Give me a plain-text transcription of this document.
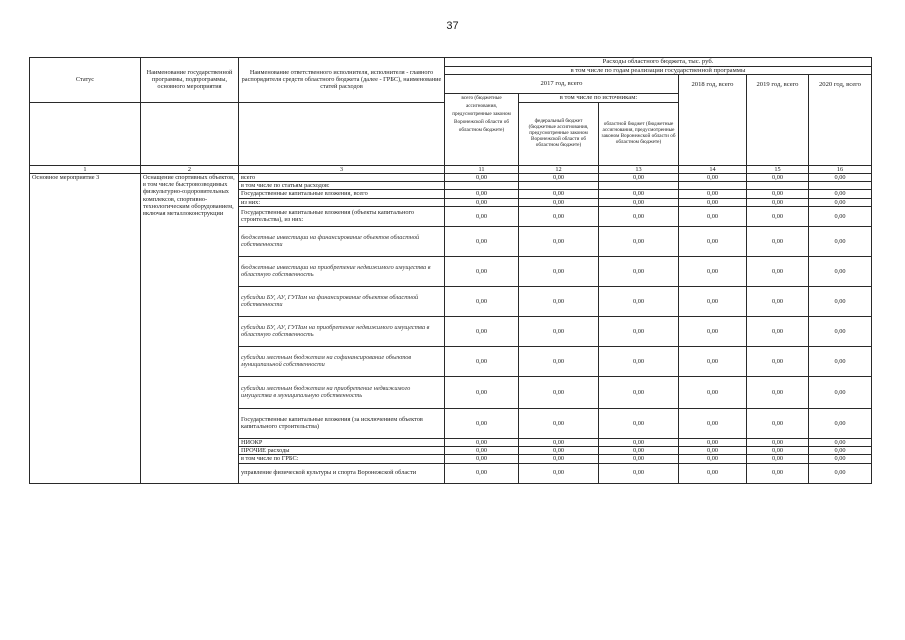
37
Статус	Наименование государственной программы, подпрограммы, основного мероприятия	Наименование ответственного исполнителя, исполнителя - главного распорядителя средств областного бюджета (далее - ГРБС), наименование статей расходов	Расходы областного бюджета, тыс. руб.					
			в том числе по годам реализации государственной программы					
			2017 год, всего			2018 год, всего	2019 год, всего	2020 год, всего
			всего (бюджетные ассигнования, предусмотренные законом Воронежской области об областном бюджете)	в том числе по источникам:				
				федеральный бюджет (бюджетные ассигнования, предусмотренные законом Воронежской области об областном бюджете)	областной бюджет (бюджетные ассигнования, предусмотренные законом Воронежской области об областном бюджете)			
1	2	3	11	12	13	14	15	16
Основное мероприятие 3	Оснащение спортивных объектов, в том числе быстровозводимых физкультурно-оздоровительных комплексов, спортивно-технологическим оборудованием, включая металлоконструкции	всего	0,00	0,00	0,00	0,00	0,00	0,00
		в том числе по статьям расходов:						
		Государственные капитальные вложения, всего	0,00	0,00	0,00	0,00	0,00	0,00
		из них:	0,00	0,00	0,00	0,00	0,00	0,00
		Государственные капитальные вложения (объекты капитального строительства), из них:	0,00	0,00	0,00	0,00	0,00	0,00
		бюджетные инвестиции на финансирование объектов областной собственности	0,00	0,00	0,00	0,00	0,00	0,00
		бюджетные инвестиции на приобретение недвижимого имущества в областную собственность	0,00	0,00	0,00	0,00	0,00	0,00
		субсидии БУ, АУ, ГУПам на финансирование объектов областной собственности	0,00	0,00	0,00	0,00	0,00	0,00
		субсидии БУ, АУ, ГУПам на приобретение недвижимого имущества в областную собственность	0,00	0,00	0,00	0,00	0,00	0,00
		субсидии местным бюджетам на софинансирование объектов муниципальной собственности	0,00	0,00	0,00	0,00	0,00	0,00
		субсидии местным бюджетам на приобретение недвижимого имущества в муниципальную собственность	0,00	0,00	0,00	0,00	0,00	0,00
		Государственные капитальные вложения (за исключением объектов капитального строительства)	0,00	0,00	0,00	0,00	0,00	0,00
		НИОКР	0,00	0,00	0,00	0,00	0,00	0,00
		ПРОЧИЕ расходы	0,00	0,00	0,00	0,00	0,00	0,00
		в том числе по ГРБС:	0,00	0,00	0,00	0,00	0,00	0,00
		управление физической культуры и спорта Воронежской области	0,00	0,00	0,00	0,00	0,00	0,00
